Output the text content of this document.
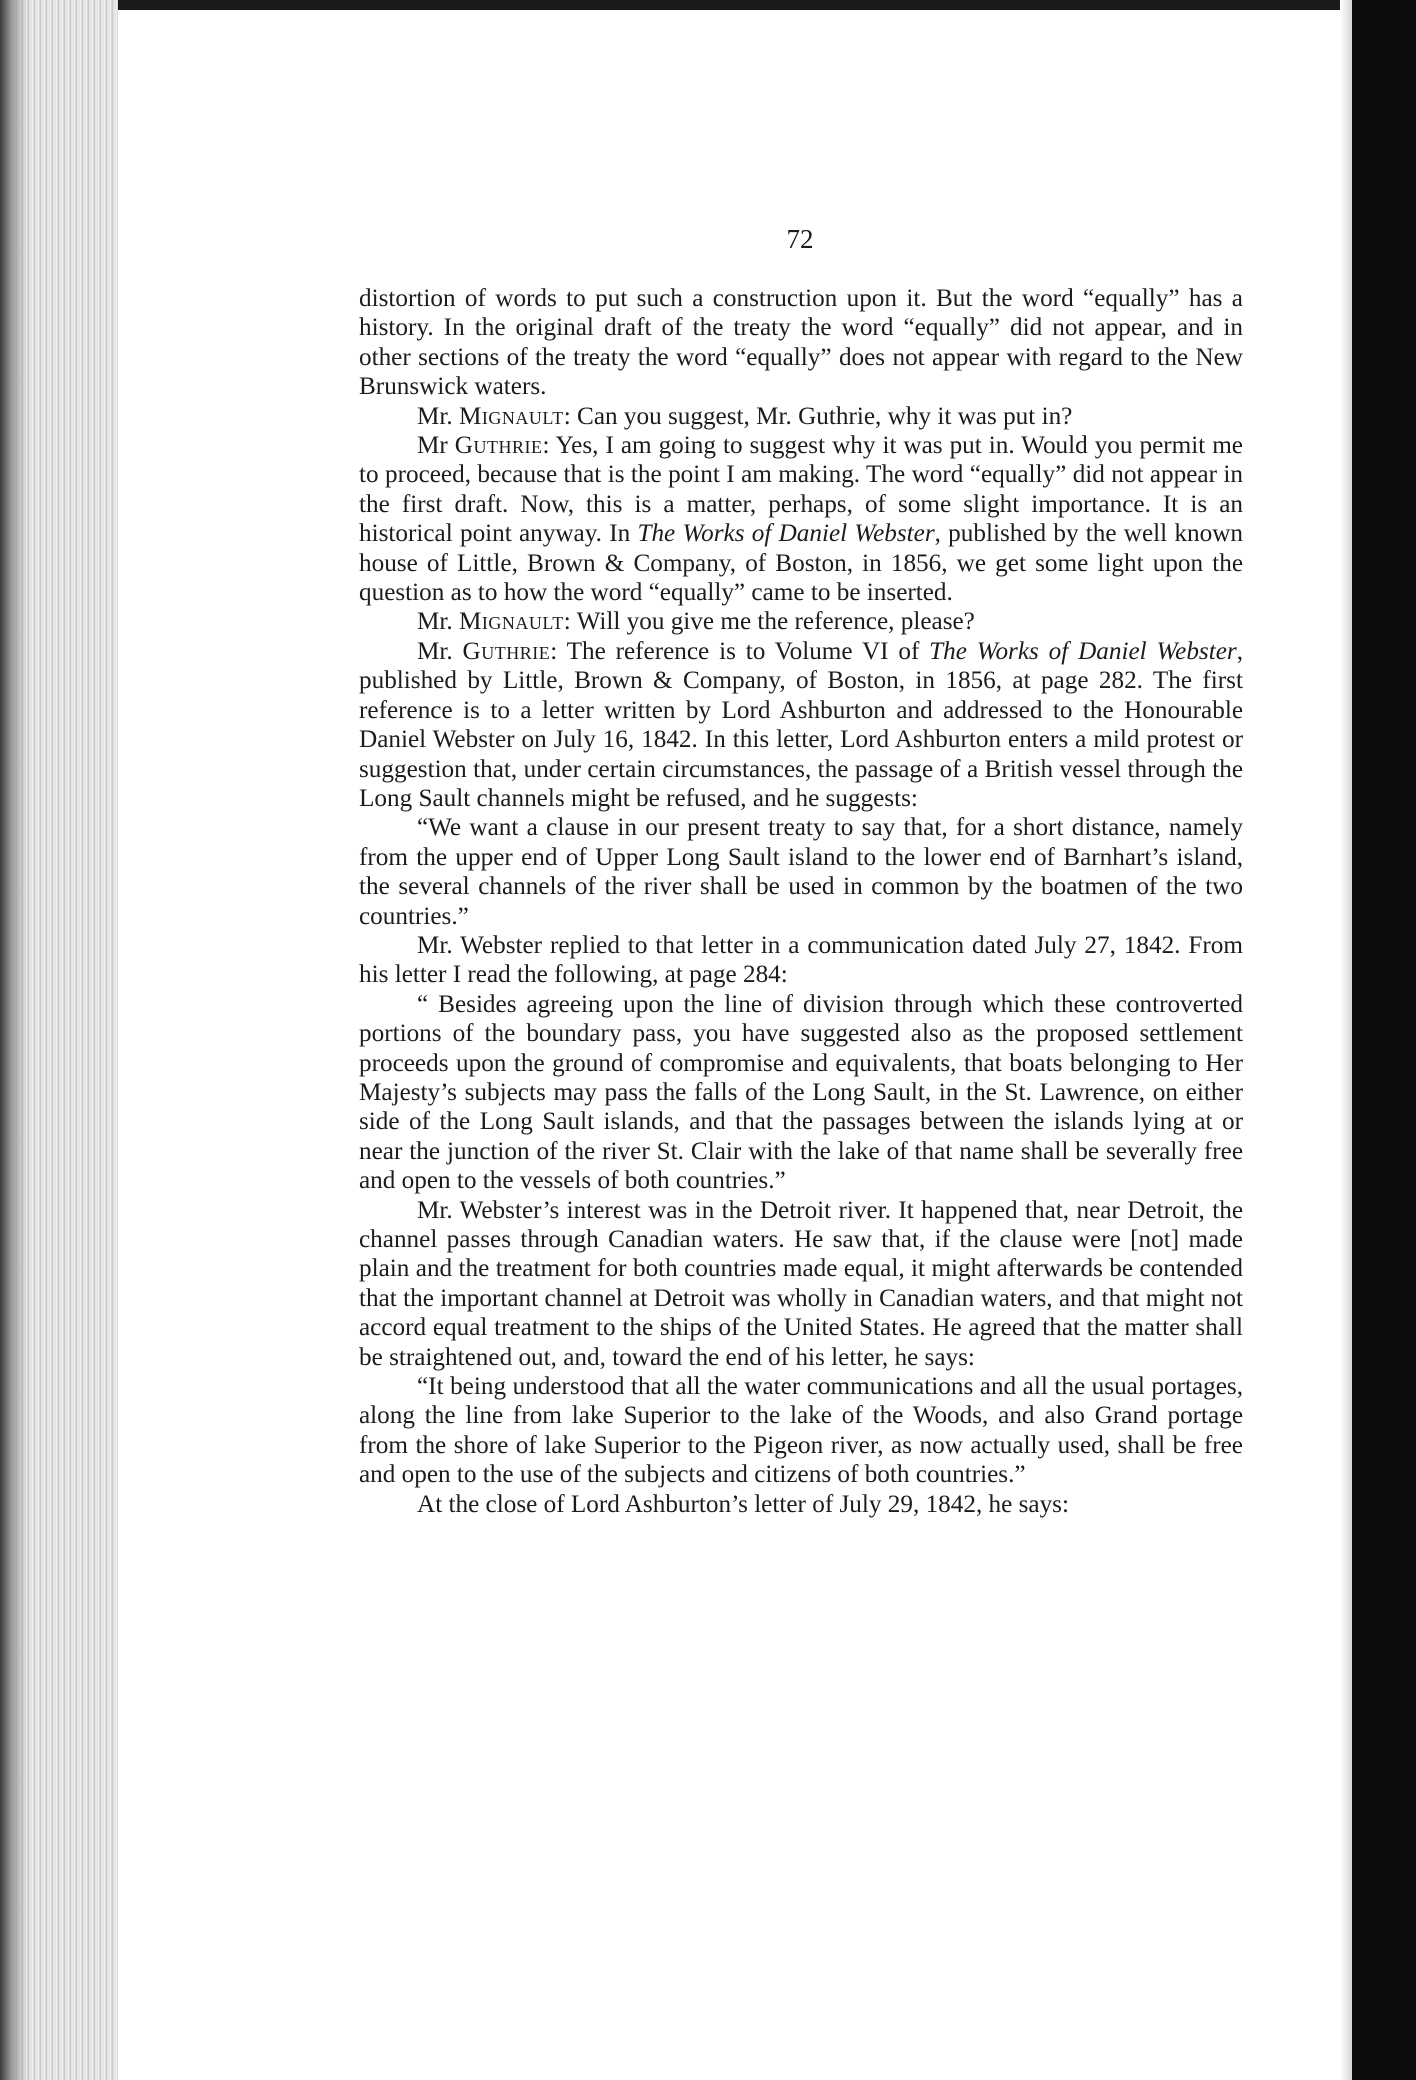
72

distortion of words to put such a construction upon it. But the word “equally” has a history. In the original draft of the treaty the word “equally” did not appear, and in other sections of the treaty the word “equally” does not appear with regard to the New Brunswick waters.

Mr. Mignault: Can you suggest, Mr. Guthrie, why it was put in?

Mr Guthrie: Yes, I am going to suggest why it was put in. Would you permit me to proceed, because that is the point I am making. The word “equally” did not appear in the first draft. Now, this is a matter, perhaps, of some slight importance. It is an historical point anyway. In The Works of Daniel Webster, published by the well known house of Little, Brown & Company, of Boston, in 1856, we get some light upon the question as to how the word “equally” came to be inserted.

Mr. Mignault: Will you give me the reference, please?

Mr. Guthrie: The reference is to Volume VI of The Works of Daniel Webster, published by Little, Brown & Company, of Boston, in 1856, at page 282. The first reference is to a letter written by Lord Ashburton and addressed to the Honourable Daniel Webster on July 16, 1842. In this letter, Lord Ashburton enters a mild protest or suggestion that, under certain circumstances, the passage of a British vessel through the Long Sault channels might be refused, and he suggests:

“We want a clause in our present treaty to say that, for a short distance, namely from the upper end of Upper Long Sault island to the lower end of Barnhart’s island, the several channels of the river shall be used in common by the boatmen of the two countries.”

Mr. Webster replied to that letter in a communication dated July 27, 1842. From his letter I read the following, at page 284:

“ Besides agreeing upon the line of division through which these controverted portions of the boundary pass, you have suggested also as the proposed settlement proceeds upon the ground of compromise and equivalents, that boats belonging to Her Majesty’s subjects may pass the falls of the Long Sault, in the St. Lawrence, on either side of the Long Sault islands, and that the passages between the islands lying at or near the junction of the river St. Clair with the lake of that name shall be severally free and open to the vessels of both countries.”

Mr. Webster’s interest was in the Detroit river. It happened that, near Detroit, the channel passes through Canadian waters. He saw that, if the clause were [not] made plain and the treatment for both countries made equal, it might afterwards be contended that the important channel at Detroit was wholly in Canadian waters, and that might not accord equal treatment to the ships of the United States. He agreed that the matter shall be straightened out, and, toward the end of his letter, he says:

“It being understood that all the water communications and all the usual portages, along the line from lake Superior to the lake of the Woods, and also Grand portage from the shore of lake Superior to the Pigeon river, as now actually used, shall be free and open to the use of the subjects and citizens of both countries.”

At the close of Lord Ashburton’s letter of July 29, 1842, he says:
